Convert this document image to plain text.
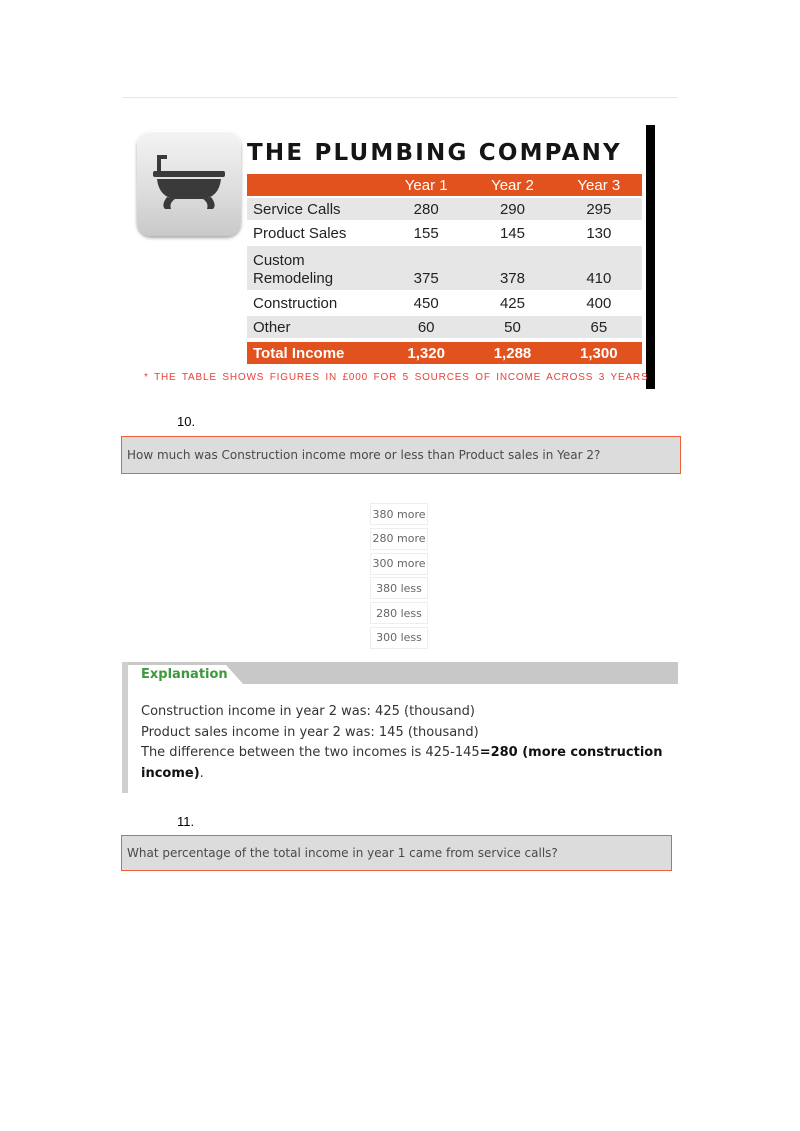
THE PLUMBING COMPANY
	Year 1	Year 2	Year 3
Service Calls	280	290	295
Product Sales	155	145	130
Custom Remodeling	375	378	410
Construction	450	425	400
Other	60	50	65
Total Income	1,320	1,288	1,300
* THE TABLE SHOWS FIGURES IN £000 FOR 5 SOURCES OF INCOME ACROSS 3 YEARS
10.
How much was Construction income more or less than Product sales in Year 2?
380 more
280 more
300 more
380 less
280 less
300 less
Explanation
Construction income in year 2 was: 425 (thousand)
Product sales income in year 2 was: 145 (thousand)
The difference between the two incomes is 425-145=280 (more construction income).
11.
What percentage of the total income in year 1 came from service calls?
